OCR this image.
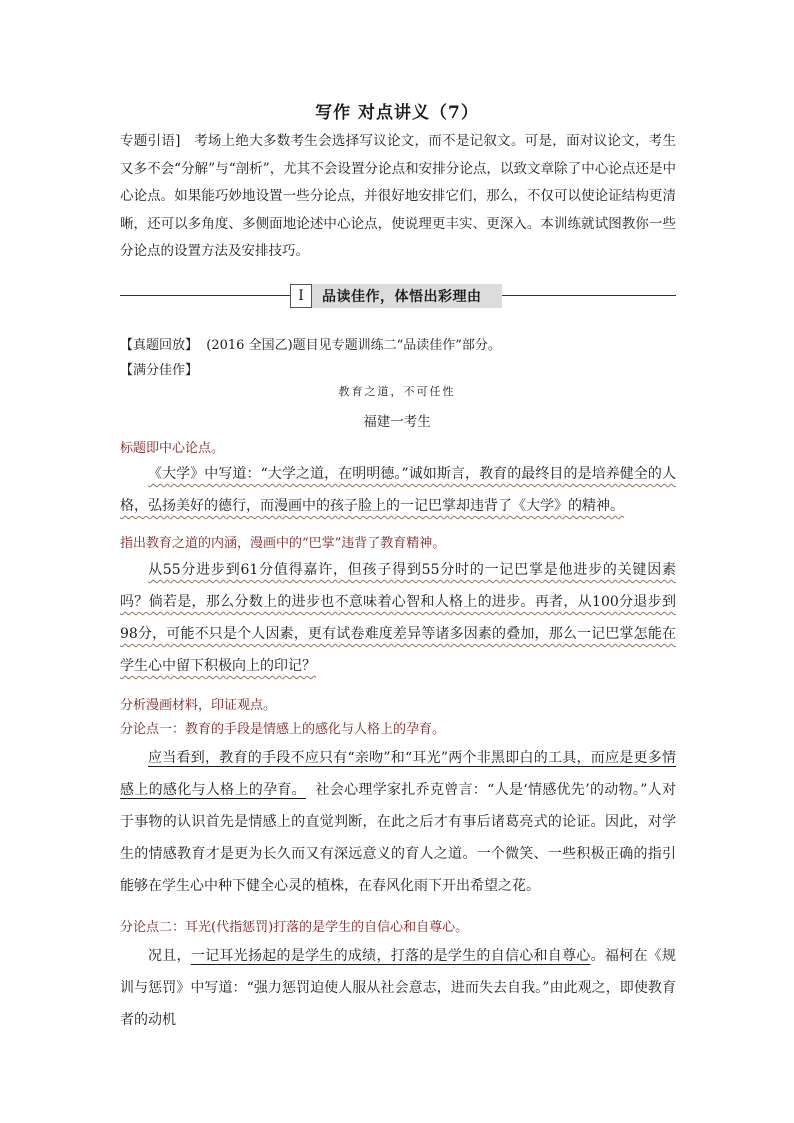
写作 对点讲义（7）
专题引语] 考场上绝大多数考生会选择写议论文，而不是记叙文。可是，面对议论文，考生又多不会“分解”与“剖析”，尤其不会设置分论点和安排分论点，以致文章除了中心论点还是中心论点。如果能巧妙地设置一些分论点，并很好地安排它们，那么，不仅可以使论证结构更清晰，还可以多角度、多侧面地论述中心论点，使说理更丰实、更深入。本训练就试图教你一些分论点的设置方法及安排技巧。
I	品读佳作，体悟出彩理由
【真题回放】 (2016 全国乙)题目见专题训练二“品读佳作”部分。
【满分佳作】
教育之道，不可任性
福建一考生
标题即中心论点。

《大学》中写道：“大学之道，在明明德。”诚如斯言，教育的最终目的是培养健全的人格，弘扬美好的德行，而漫画中的孩子脸上的一记巴掌却违背了《大学》的精神。

指出教育之道的内涵，漫画中的“巴掌”违背了教育精神。

从55分进步到61分值得嘉许，但孩子得到55分时的一记巴掌是他进步的关键因素吗？倘若是，那么分数上的进步也不意味着心智和人格上的进步。再者，从100分退步到98分，可能不只是个人因素，更有试卷难度差异等诸多因素的叠加，那么一记巴掌怎能在学生心中留下积极向上的印记？

分析漫画材料，印证观点。
分论点一：教育的手段是情感上的感化与人格上的孕育。

应当看到，教育的手段不应只有“亲吻”和“耳光”两个非黑即白的工具，而应是更多情感上的感化与人格上的孕育。 社会心理学家扎乔克曾言：“人是‘情感优先’的动物。”人对于事物的认识首先是情感上的直觉判断，在此之后才有事后诸葛亮式的论证。因此，对学生的情感教育才是更为长久而又有深远意义的育人之道。一个微笑、一些积极正确的指引能够在学生心中种下健全心灵的植株，在春风化雨下开出希望之花。

分论点二：耳光(代指惩罚)打落的是学生的自信心和自尊心。

况且，一记耳光扬起的是学生的成绩，打落的是学生的自信心和自尊心。福柯在《规训与惩罚》中写道：“强力惩罚迫使人服从社会意志，进而失去自我。”由此观之，即使教育者的动机
